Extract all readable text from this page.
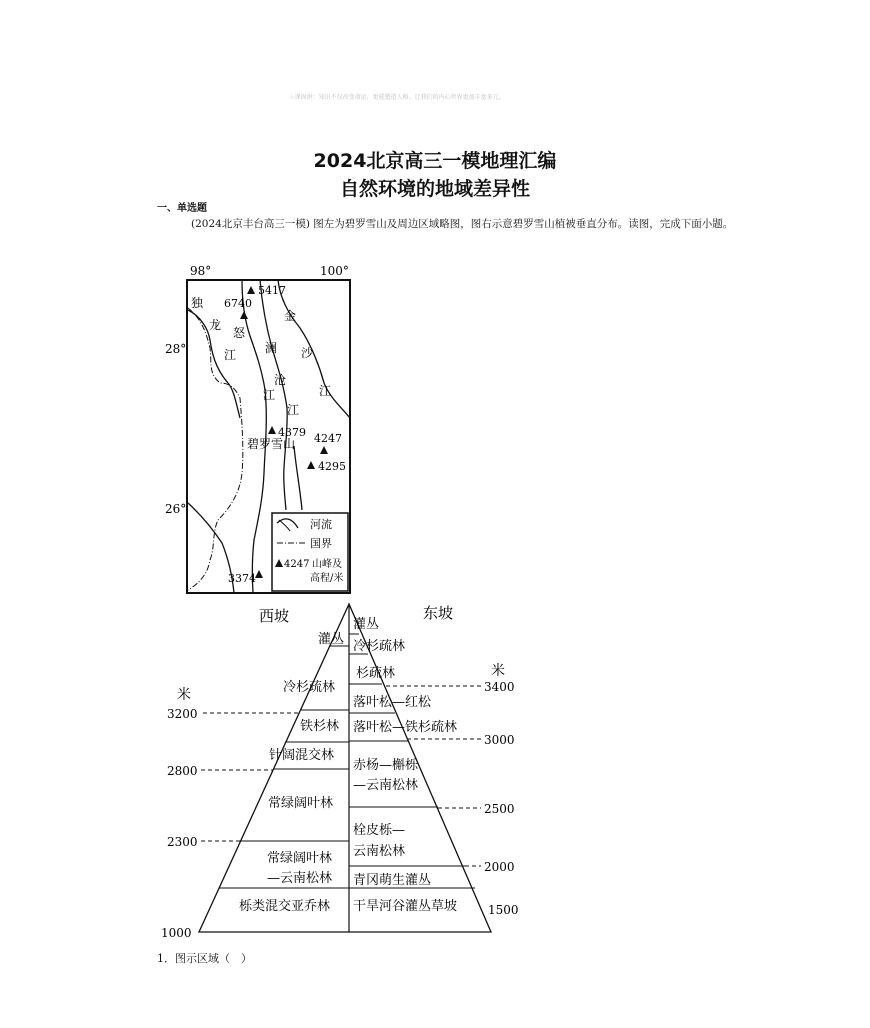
☆课固拼：知识不仅改变命运，更能塑造人格。让我们的内心世界更加丰富多元。
2024北京高三一模地理汇编
自然环境的地域差异性
一、单选题
(2024北京丰台高三一模) 图左为碧罗雪山及周边区域略图，图右示意碧罗雪山植被垂直分布。读图，完成下面小题。
98°	100°
28°
26°
独
龙
江
怒
江
澜
沧
江
金
沙
江
碧罗雪山
5417
6740
4379 4247
4295
3374
河流
国界
4247 山峰及
高程/米
西坡	东坡
米
米
3200
2800
2300
1000
3400
3000
2500
2000
1500
灌丛
冷杉疏林
铁杉林
针阔混交林
常绿阔叶林
常绿阔叶林
—云南松林
栎类混交亚乔林
灌丛
冷杉疏林
杉疏林
落叶松—红松
落叶松—铁杉疏林
赤杨—槲栎
—云南松林
栓皮栎—
云南松林
青冈萌生灌丛
干旱河谷灌丛草坡
1．图示区域（　）
